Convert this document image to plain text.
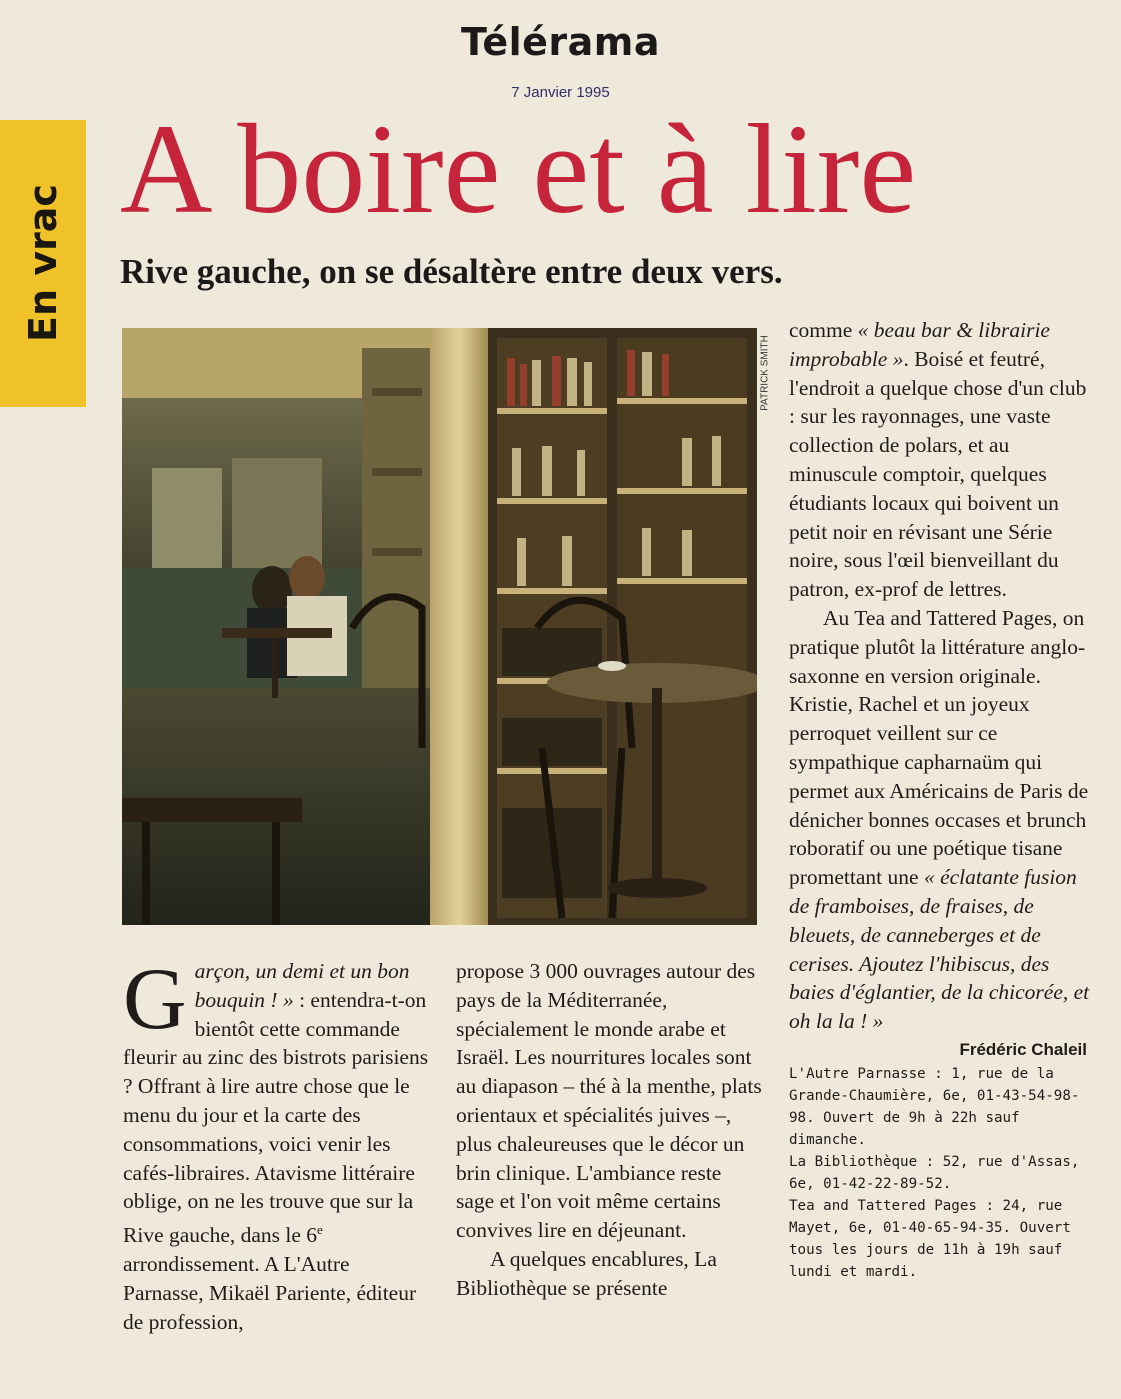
Télérama
7 Janvier 1995
En vrac
A boire et à lire
Rive gauche, on se désaltère entre deux vers.
PATRICK SMITH

Garçon, un demi et un bon bouquin ! » : entendra-t-on bientôt cette commande fleurir au zinc des bistrots parisiens ? Offrant à lire autre chose que le menu du jour et la carte des consommations, voici venir les cafés-libraires. Atavisme littéraire oblige, on ne les trouve que sur la Rive gauche, dans le 6e arrondissement. A L'Autre Parnasse, Mikaël Pariente, éditeur de profession,

propose 3 000 ouvrages autour des pays de la Méditerranée, spécialement le monde arabe et Israël. Les nourritures locales sont au diapason – thé à la menthe, plats orientaux et spécialités juives –, plus chaleureuses que le décor un brin clinique. L'ambiance reste sage et l'on voit même certains convives lire en déjeunant.

A quelques encablures, La Bibliothèque se présente

comme « beau bar & librairie improbable ». Boisé et feutré, l'endroit a quelque chose d'un club : sur les rayonnages, une vaste collection de polars, et au minuscule comptoir, quelques étudiants locaux qui boivent un petit noir en révisant une Série noire, sous l'œil bienveillant du patron, ex-prof de lettres.

Au Tea and Tattered Pages, on pratique plutôt la littérature anglo-saxonne en version originale. Kristie, Rachel et un joyeux perroquet veillent sur ce sympathique capharnaüm qui permet aux Américains de Paris de dénicher bonnes occases et brunch roboratif ou une poétique tisane promettant une « éclatante fusion de framboises, de fraises, de bleuets, de canneberges et de cerises. Ajoutez l'hibiscus, des baies d'églantier, de la chicorée, et oh la la ! »

Frédéric Chaleil

L'Autre Parnasse : 1, rue de la Grande-Chaumière, 6e, 01-43-54-98-98. Ouvert de 9h à 22h sauf dimanche.

La Bibliothèque : 52, rue d'Assas, 6e, 01-42-22-89-52.

Tea and Tattered Pages : 24, rue Mayet, 6e, 01-40-65-94-35. Ouvert tous les jours de 11h à 19h sauf lundi et mardi.
